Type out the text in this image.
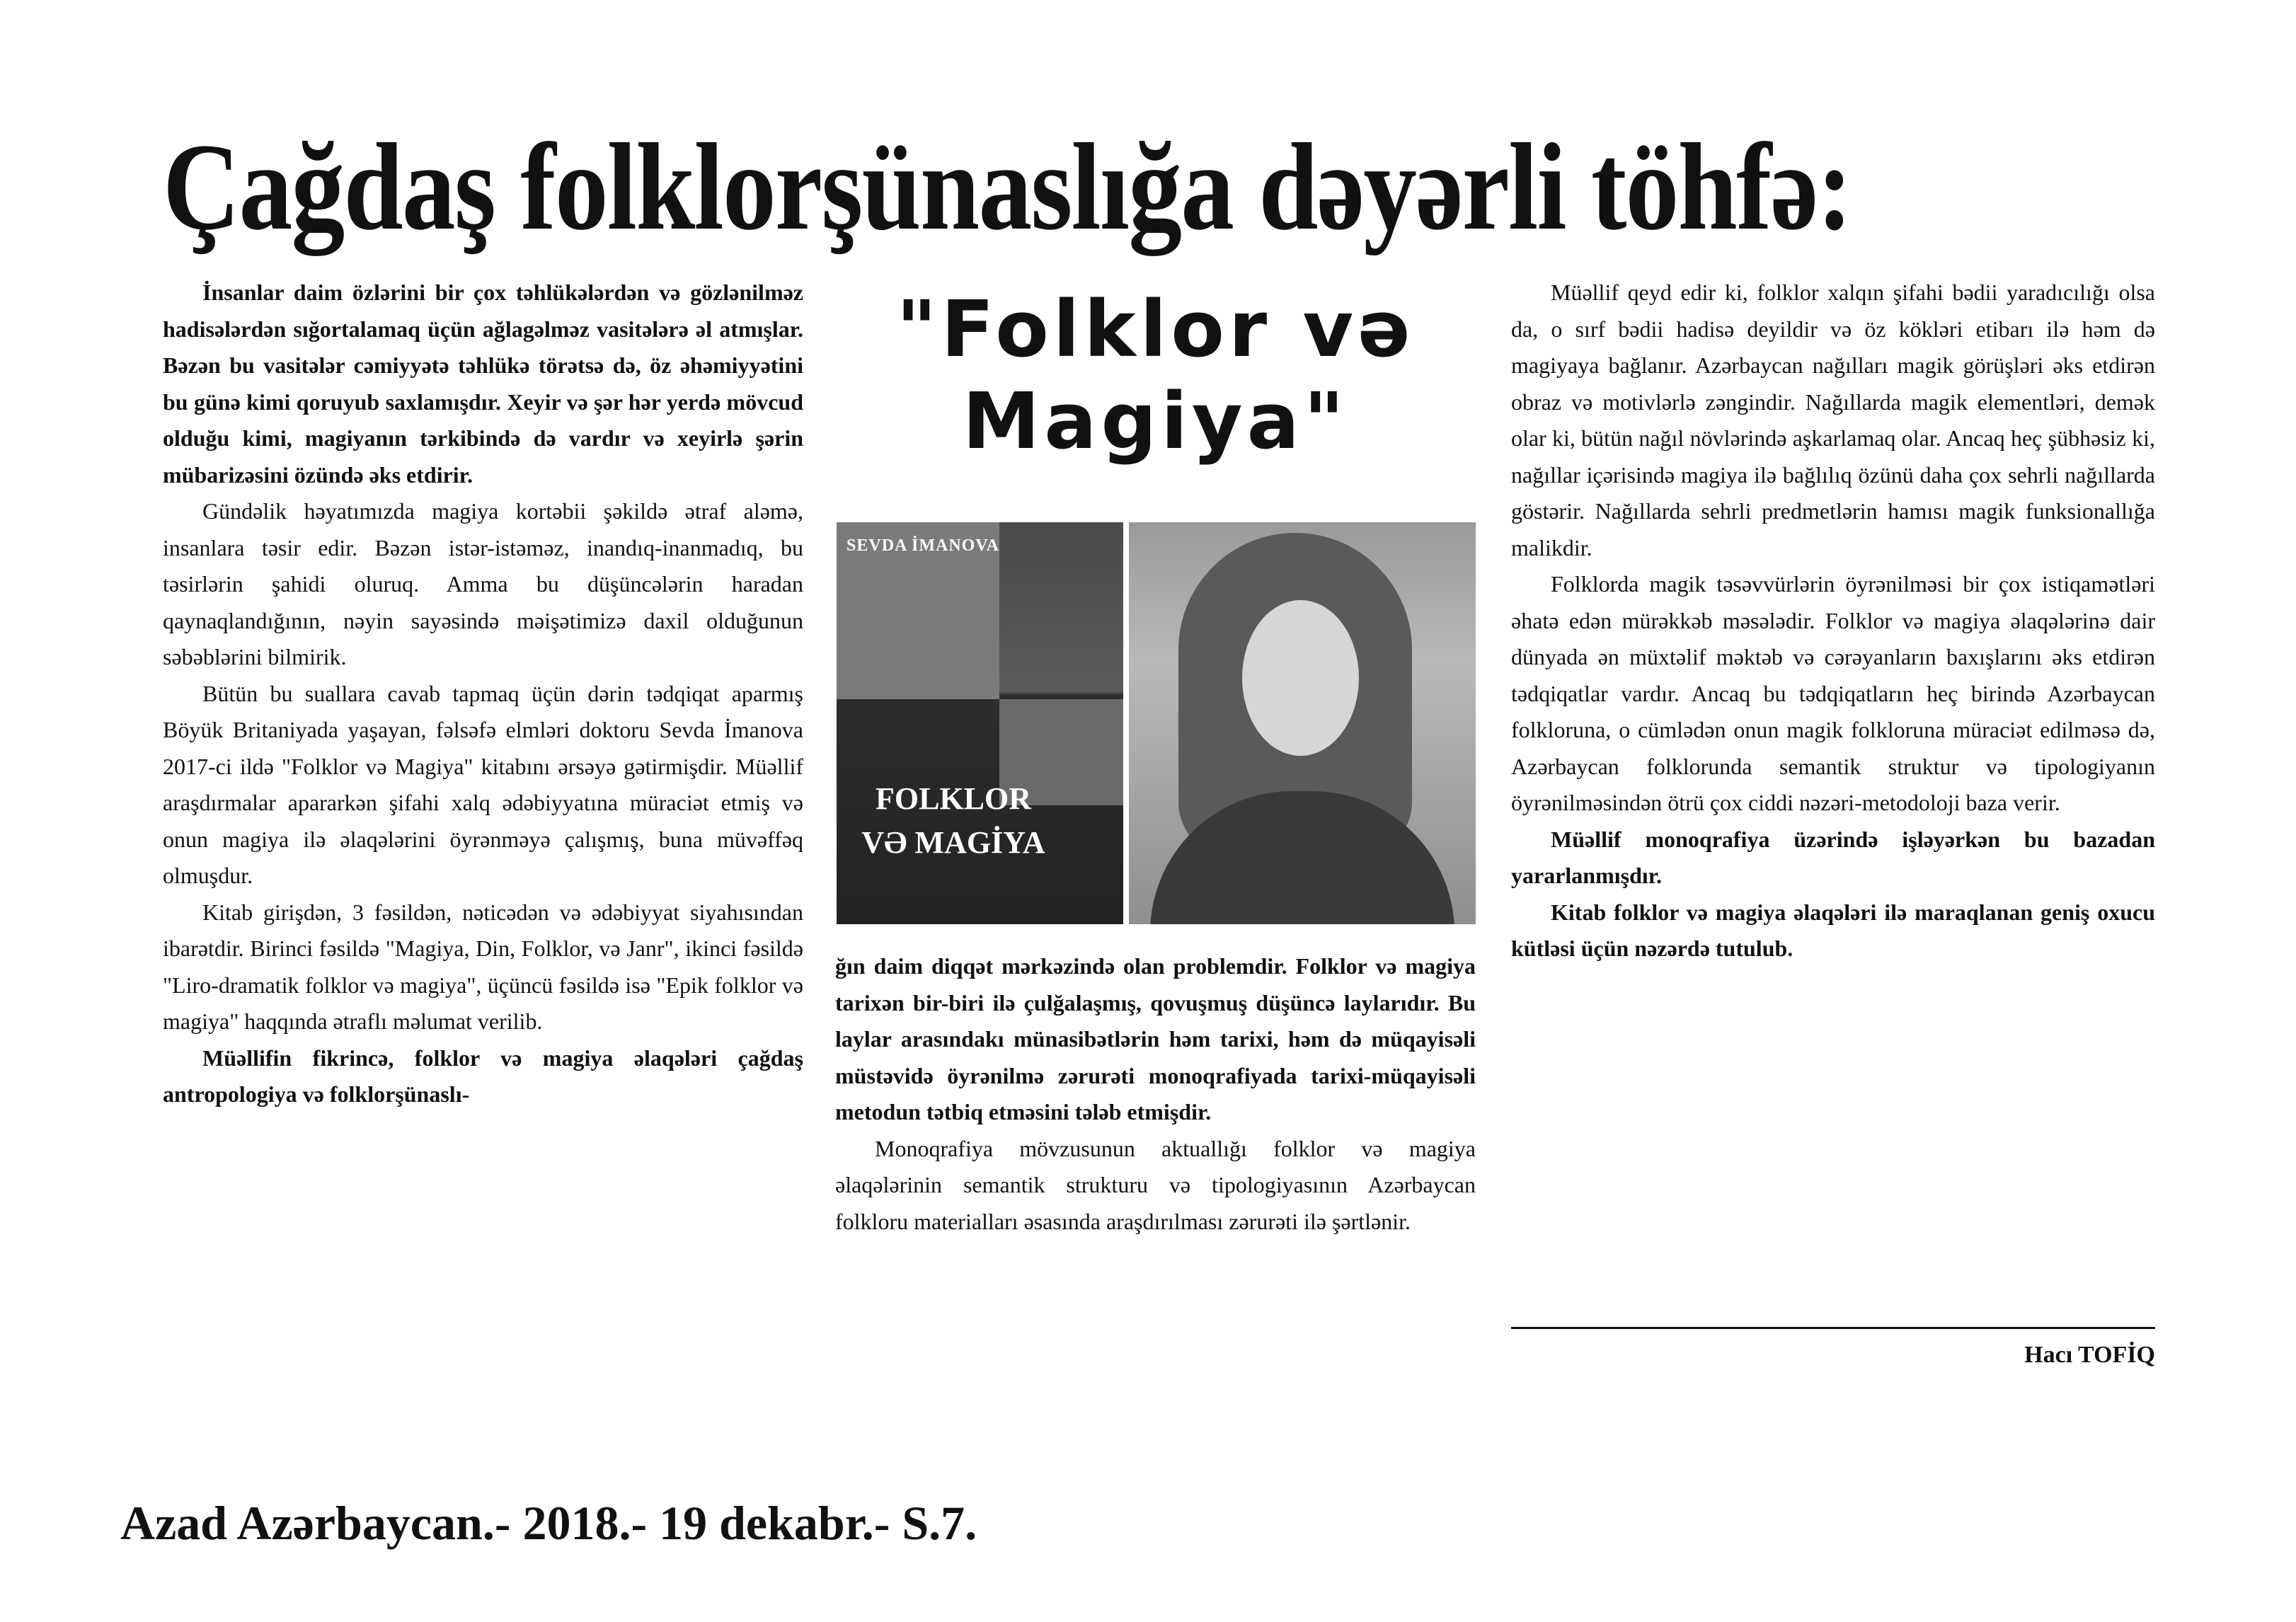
Çağdaş folklorşünaslığa dəyərli töhfə:

İnsanlar daim özlərini bir çox təhlükələrdən və gözlənilməz hadisələrdən sığortalamaq üçün ağlagəlməz vasitələrə əl atmışlar. Bəzən bu vasitələr cəmiyyətə təhlükə törətsə də, öz əhəmiyyətini bu günə kimi qoruyub saxlamışdır. Xeyir və şər hər yerdə mövcud olduğu kimi, magiyanın tərkibində də vardır və xeyirlə şərin mübarizəsini özündə əks etdirir.

Gündəlik həyatımızda magiya kortəbii şəkildə ətraf aləmə, insanlara təsir edir. Bəzən istər-istəməz, inandıq-inanmadıq, bu təsirlərin şahidi oluruq. Amma bu düşüncələrin haradan qaynaqlandığının, nəyin sayəsində məişətimizə daxil olduğunun səbəblərini bilmirik.

Bütün bu suallara cavab tapmaq üçün dərin tədqiqat aparmış Böyük Britaniyada yaşayan, fəlsəfə elmləri doktoru Sevda İmanova 2017-ci ildə "Folklor və Magiya" kitabını ərsəyə gətirmişdir. Müəllif araşdırmalar apararkən şifahi xalq ədəbiyyatına müraciət etmiş və onun magiya ilə əlaqələrini öyrənməyə çalışmış, buna müvəffəq olmuşdur.

Kitab girişdən, 3 fəsildən, nəticədən və ədəbiyyat siyahısından ibarətdir. Birinci fəsildə "Magiya, Din, Folklor, və Janr", ikinci fəsildə "Liro-dramatik folklor və magiya", üçüncü fəsildə isə "Epik folklor və magiya" haqqında ətraflı məlumat verilib.

Müəllifin fikrincə, folklor və magiya əlaqələri çağdaş antropologiya və folklorşünaslı-

"Folklor və
Magiya"
SEVDA İMANOVA
FOLKLOR
VƏ MAGİYA

ğın daim diqqət mərkəzində olan problemdir. Folklor və magiya tarixən bir-biri ilə çulğalaşmış, qovuşmuş düşüncə laylarıdır. Bu laylar arasındakı münasibətlərin həm tarixi, həm də müqayisəli müstəvidə öyrənilmə zərurəti monoqrafiyada tarixi-müqayisəli metodun tətbiq etməsini tələb etmişdir.

Monoqrafiya mövzusunun aktuallığı folklor və magiya əlaqələrinin semantik strukturu və tipologiyasının Azərbaycan folkloru materialları əsasında araşdırılması zərurəti ilə şərtlənir.

Müəllif qeyd edir ki, folklor xalqın şifahi bədii yaradıcılığı olsa da, o sırf bədii hadisə deyildir və öz kökləri etibarı ilə həm də magiyaya bağlanır. Azərbaycan nağılları magik görüşləri əks etdirən obraz və motivlərlə zəngindir. Nağıllarda magik elementləri, demək olar ki, bütün nağıl növlərində aşkarlamaq olar. Ancaq heç şübhəsiz ki, nağıllar içərisində magiya ilə bağlılıq özünü daha çox sehrli nağıllarda göstərir. Nağıllarda sehrli predmetlərin hamısı magik funksionallığa malikdir.

Folklorda magik təsəvvürlərin öyrənilməsi bir çox istiqamətləri əhatə edən mürəkkəb məsələdir. Folklor və magiya əlaqələrinə dair dünyada ən müxtəlif məktəb və cərəyanların baxışlarını əks etdirən tədqiqatlar vardır. Ancaq bu tədqiqatların heç birində Azərbaycan folkloruna, o cümlədən onun magik folkloruna müraciət edilməsə də, Azərbaycan folklorunda semantik struktur və tipologiyanın öyrənilməsindən ötrü çox ciddi nəzəri-metodoloji baza verir.

Müəllif monoqrafiya üzərində işləyərkən bu bazadan yararlanmışdır.

Kitab folklor və magiya əlaqələri ilə maraqlanan geniş oxucu kütləsi üçün nəzərdə tutulub.

Hacı TOFİQ
Azad Azərbaycan.- 2018.- 19 dekabr.- S.7.
